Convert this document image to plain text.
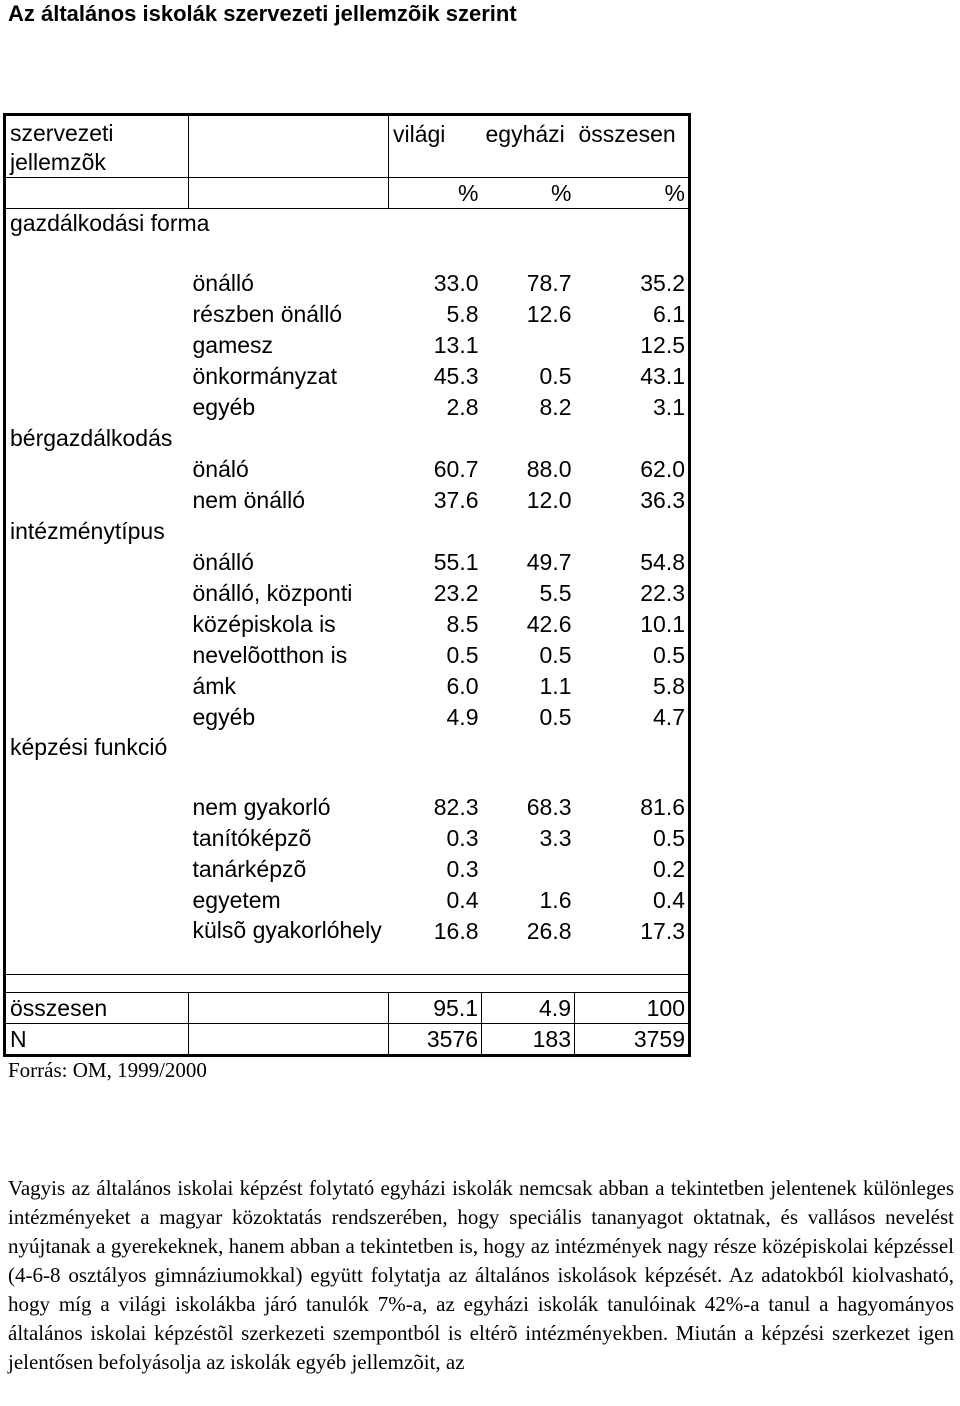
Az általános iskolák szervezeti jellemzõik szerint
szervezeti jellemzõk		világi	egyházi	összesen
		%	%	%
gazdálkodási forma			
	önálló	33.0	78.7	35.2
	részben önálló	5.8	12.6	6.1
	gamesz	13.1		12.5
	önkormányzat	45.3	0.5	43.1
	egyéb	2.8	8.2	3.1
bérgazdálkodás			
	önáló	60.7	88.0	62.0
	nem önálló	37.6	12.0	36.3
intézménytípus			
	önálló	55.1	49.7	54.8
	önálló, központi	23.2	5.5	22.3
	középiskola is	8.5	42.6	10.1
	nevelõotthon is	0.5	0.5	0.5
	ámk	6.0	1.1	5.8
	egyéb	4.9	0.5	4.7
képzési funkció			
	nem gyakorló	82.3	68.3	81.6
	tanítóképzõ	0.3	3.3	0.5
	tanárképzõ	0.3		0.2
	egyetem	0.4	1.6	0.4
	külsõ gyakorlóhely	16.8	26.8	17.3

összesen		95.1	4.9	100
N		3576	183	3759
Forrás: OM, 1999/2000

Vagyis az általános iskolai képzést folytató egyházi iskolák nemcsak abban a tekintetben jelentenek különleges intézményeket a magyar közoktatás rendszerében, hogy speciális tananyagot oktatnak, és vallásos nevelést nyújtanak a gyerekeknek, hanem abban a tekintetben is, hogy az intézmények nagy része középiskolai képzéssel (4-6-8 osztályos gimnáziumokkal) együtt folytatja az általános iskolások képzését. Az adatokból kiolvasható, hogy míg a világi iskolákba járó tanulók 7%-a, az egyházi iskolák tanulóinak 42%-a tanul a hagyományos általános iskolai képzéstõl szerkezeti szempontból is eltérõ intézményekben. Miután a képzési szerkezet igen jelentősen befolyásolja az iskolák egyéb jellemzõit, az
